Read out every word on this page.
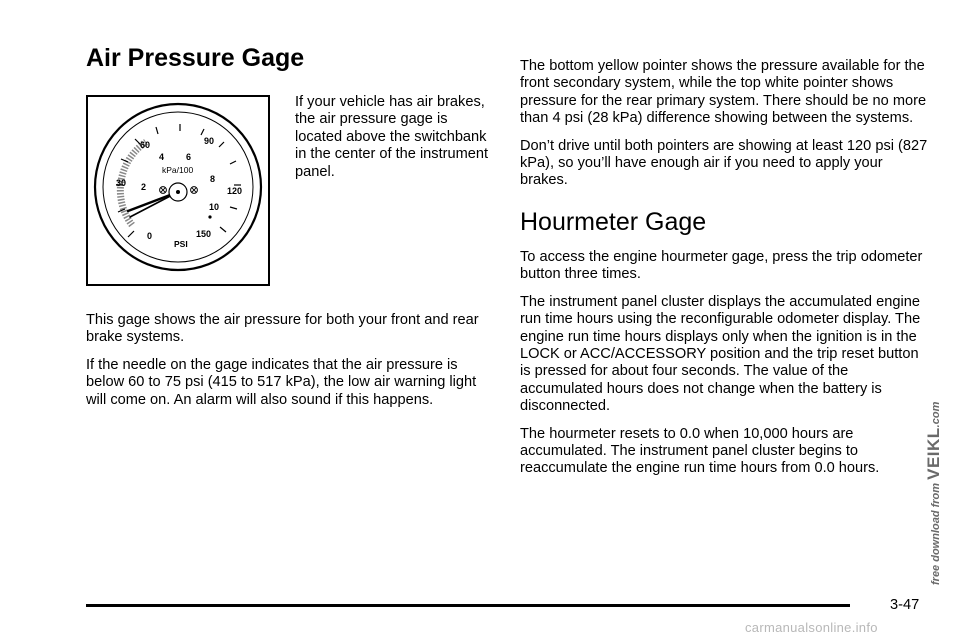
Air Pressure Gage
0
30
60	90
120
150
2
4 6
8
10
kPa/100
PSI

If your vehicle has air brakes, the air pressure gage is located above the switchbank in the center of the instrument panel.

This gage shows the air pressure for both your front and rear brake systems.

If the needle on the gage indicates that the air pressure is below 60 to 75 psi (415 to 517 kPa), the low air warning light will come on. An alarm will also sound if this happens.

The bottom yellow pointer shows the pressure available for the front secondary system, while the top white pointer shows pressure for the rear primary system. There should be no more than 4 psi (28 kPa) difference showing between the systems.

Don’t drive until both pointers are showing at least 120 psi (827 kPa), so you’ll have enough air if you need to apply your brakes.

Hourmeter Gage

To access the engine hourmeter gage, press the trip odometer button three times.

The instrument panel cluster displays the accumulated engine run time hours using the reconfigurable odometer display. The engine run time hours displays only when the ignition is in the LOCK or ACC/ACCESSORY position and the trip reset button is pressed for about four seconds. The value of the accumulated hours does not change when the battery is disconnected.

The hourmeter resets to 0.0 when 10,000 hours are accumulated. The instrument panel cluster begins to reaccumulate the engine run time hours from 0.0 hours.

3-47
free download from VEIKL.com
carmanualsonline.info
